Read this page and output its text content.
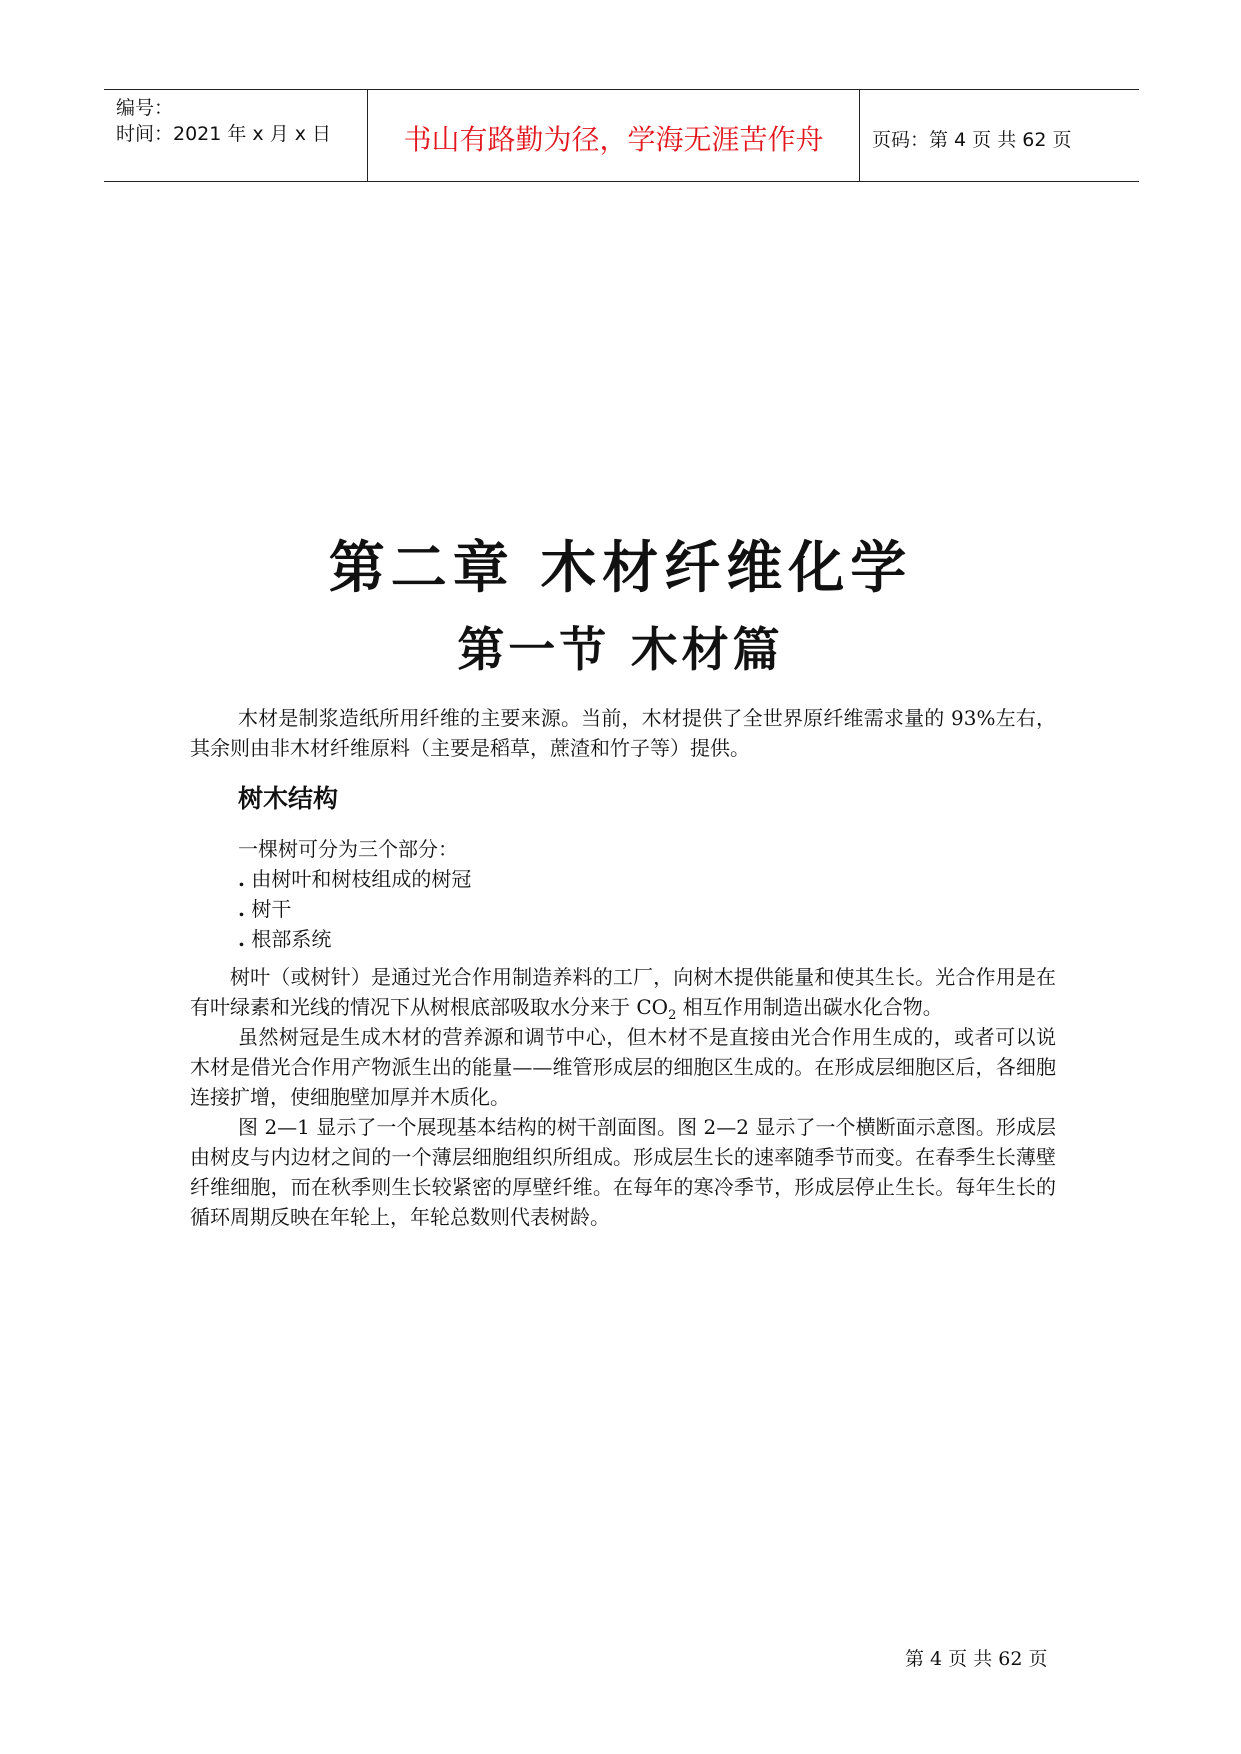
编号：
时间：2021 年 x 月 x 日	书山有路勤为径，学海无涯苦作舟	页码：第 4 页 共 62 页
第二章 木材纤维化学
第一节 木材篇

木材是制浆造纸所用纤维的主要来源。当前，木材提供了全世界原纤维需求量的 93%左右，其余则由非木材纤维原料（主要是稻草，蔗渣和竹子等）提供。

树木结构

一棵树可分为三个部分：

. 由树叶和树枝组成的树冠

. 树干

. 根部系统

树叶（或树针）是通过光合作用制造养料的工厂，向树木提供能量和使其生长。光合作用是在有叶绿素和光线的情况下从树根底部吸取水分来于 $CO_2$ 相互作用制造出碳水化合物。

虽然树冠是生成木材的营养源和调节中心，但木材不是直接由光合作用生成的，或者可以说木材是借光合作用产物派生出的能量——维管形成层的细胞区生成的。在形成层细胞区后，各细胞连接扩增，使细胞壁加厚并木质化。

图 2—1 显示了一个展现基本结构的树干剖面图。图 2—2 显示了一个横断面示意图。形成层由树皮与内边材之间的一个薄层细胞组织所组成。形成层生长的速率随季节而变。在春季生长薄壁纤维细胞，而在秋季则生长较紧密的厚壁纤维。在每年的寒冷季节，形成层停止生长。每年生长的循环周期反映在年轮上，年轮总数则代表树龄。

第 4 页 共 62 页
